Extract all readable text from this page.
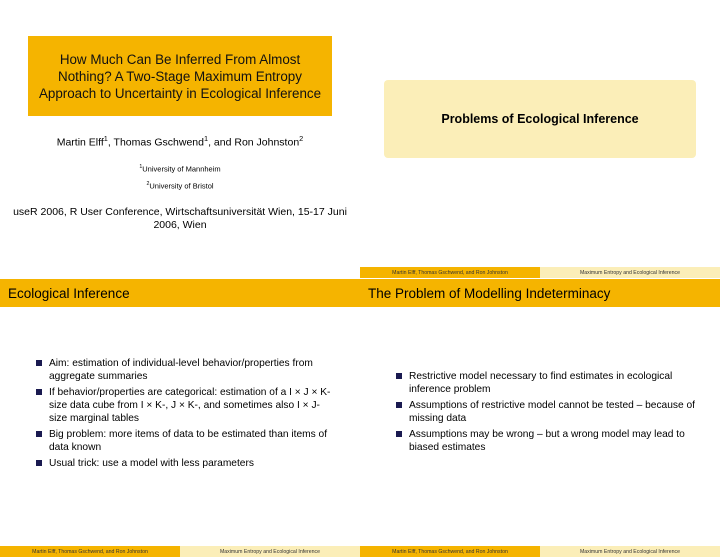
How Much Can Be Inferred From Almost Nothing? A Two-Stage Maximum Entropy Approach to Uncertainty in Ecological Inference
Martin Elff$^1$, Thomas Gschwend$^1$, and Ron Johnston$^2$
$^1$University of Mannheim
$^2$University of Bristol
useR 2006, R User Conference, Wirtschaftsuniversität Wien, 15-17 Juni 2006, Wien
Problems of Ecological Inference
Martin Elff, Thomas Gschwend, and Ron Johnston	Maximum Entropy and Ecological Inference
Ecological Inference
Aim: estimation of individual-level behavior/properties from aggregate summaries
If behavior/properties are categorical: estimation of a I × J × K-size data cube from I × K-, J × K-, and sometimes also I × J-size marginal tables
Big problem: more items of data to be estimated than items of data known
Usual trick: use a model with less parameters
Martin Elff, Thomas Gschwend, and Ron Johnston	Maximum Entropy and Ecological Inference
The Problem of Modelling Indeterminacy
Restrictive model necessary to find estimates in ecological inference problem
Assumptions of restrictive model cannot be tested – because of missing data
Assumptions may be wrong – but a wrong model may lead to biased estimates
Martin Elff, Thomas Gschwend, and Ron Johnston	Maximum Entropy and Ecological Inference
